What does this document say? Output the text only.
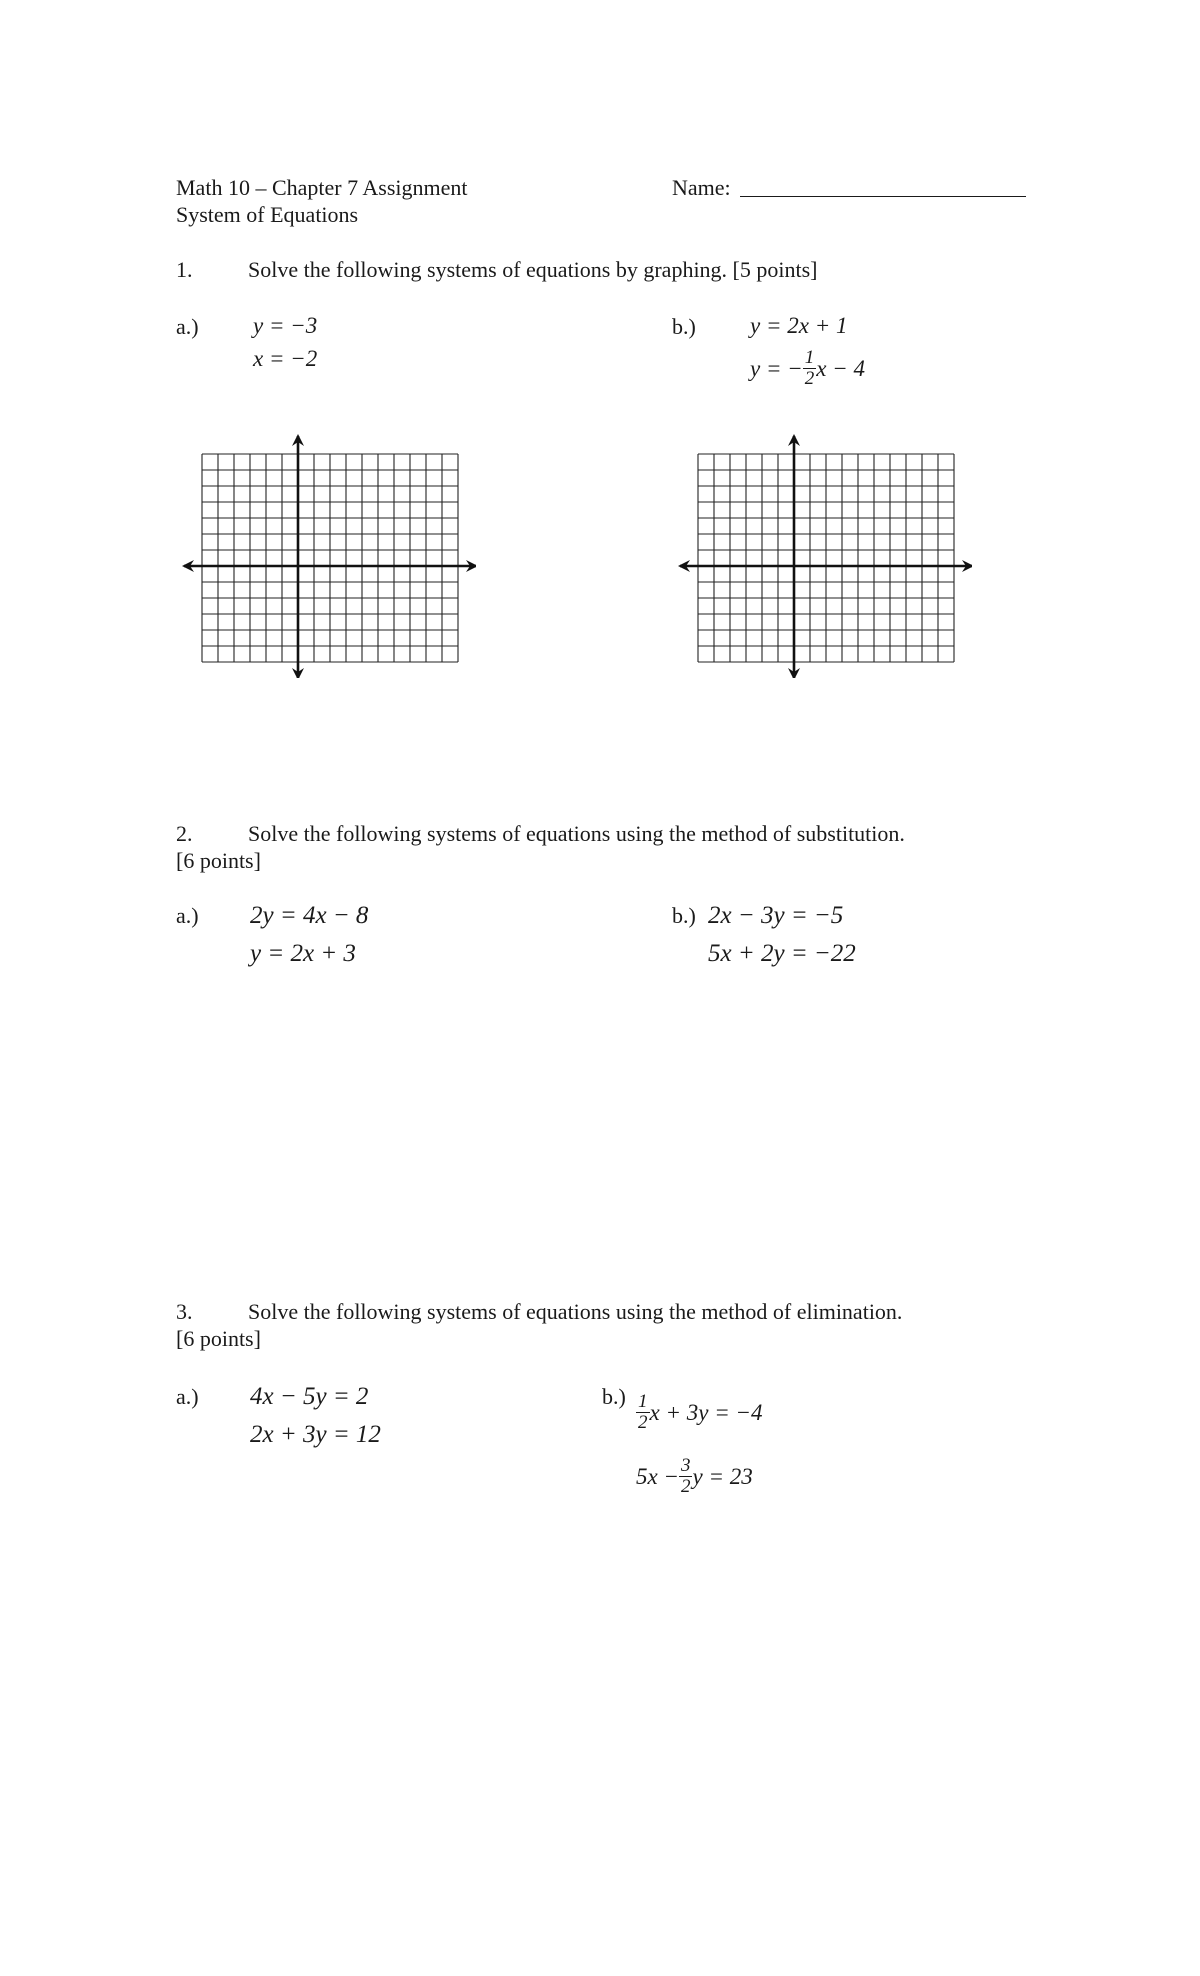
Math 10 – Chapter 7 Assignment
System of Equations
Name:
1.	Solve the following systems of equations by graphing. [5 points]
a.) y = −3
x = −2
b.) y = 2x + 1
y = − $\frac{1}{2}$ x − 4
2.	Solve the following systems of equations using the method of substitution.
[6 points]
a.) 2y = 4x − 8
y = 2x + 3
b.) 2x − 3y = −5
5x + 2y = −22
3.	Solve the following systems of equations using the method of elimination.
[6 points]
a.) 4x − 5y = 2
2x + 3y = 12
$b.) \frac{1}{2}$ x + 3y = −4
$5x - \frac{3}{2}$ y = 23
